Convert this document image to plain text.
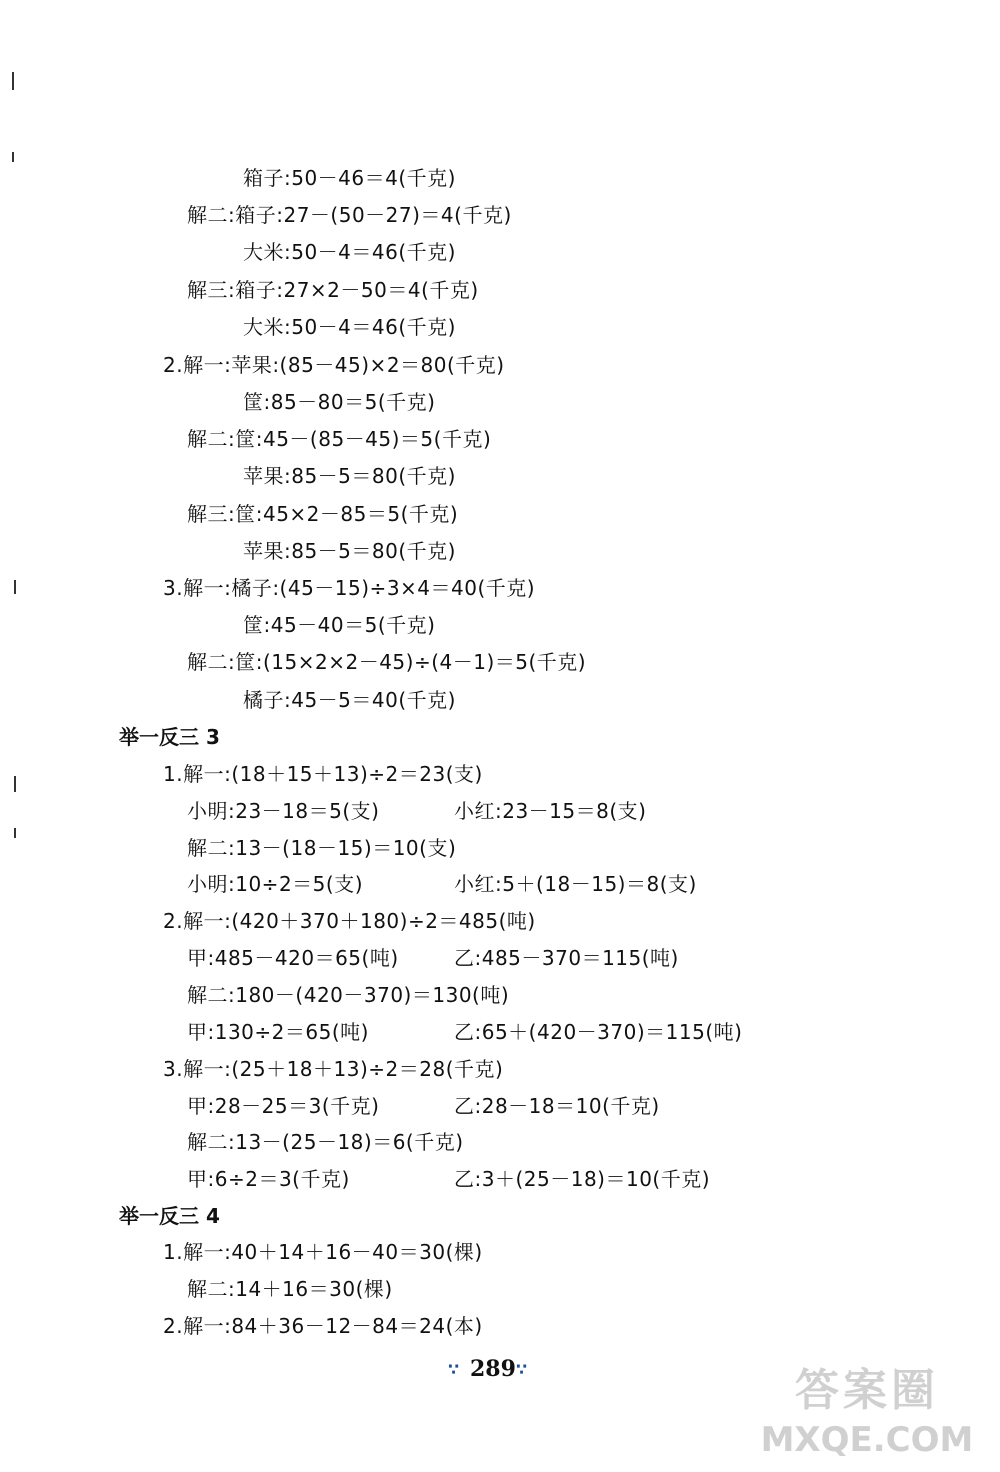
箱子:50－46＝4(千克)
解二:箱子:27－(50－27)＝4(千克)
大米:50－4＝46(千克)
解三:箱子:27×2－50＝4(千克)
大米:50－4＝46(千克)
2.解一:苹果:(85－45)×2＝80(千克)
筐:85－80＝5(千克)
解二:筐:45－(85－45)＝5(千克)
苹果:85－5＝80(千克)
解三:筐:45×2－85＝5(千克)
苹果:85－5＝80(千克)
3.解一:橘子:(45－15)÷3×4＝40(千克)
筐:45－40＝5(千克)
解二:筐:(15×2×2－45)÷(4－1)＝5(千克)
橘子:45－5＝40(千克)
举一反三 3
1.解一:(18＋15＋13)÷2＝23(支)
小明:23－18＝5(支)	小红:23－15＝8(支)
解二:13－(18－15)＝10(支)
小明:10÷2＝5(支)	小红:5＋(18－15)＝8(支)
2.解一:(420＋370＋180)÷2＝485(吨)
甲:485－420＝65(吨)	乙:485－370＝115(吨)
解二:180－(420－370)＝130(吨)
甲:130÷2＝65(吨)	乙:65＋(420－370)＝115(吨)
3.解一:(25＋18＋13)÷2＝28(千克)
甲:28－25＝3(千克)	乙:28－18＝10(千克)
解二:13－(25－18)＝6(千克)
甲:6÷2＝3(千克)	乙:3＋(25－18)＝10(千克)
举一反三 4
1.解一:40＋14＋16－40＝30(棵)
解二:14＋16＝30(棵)
2.解一:84＋36－12－84＝24(本)
∵ 289 ∵	答案圈
MXQE.COM
